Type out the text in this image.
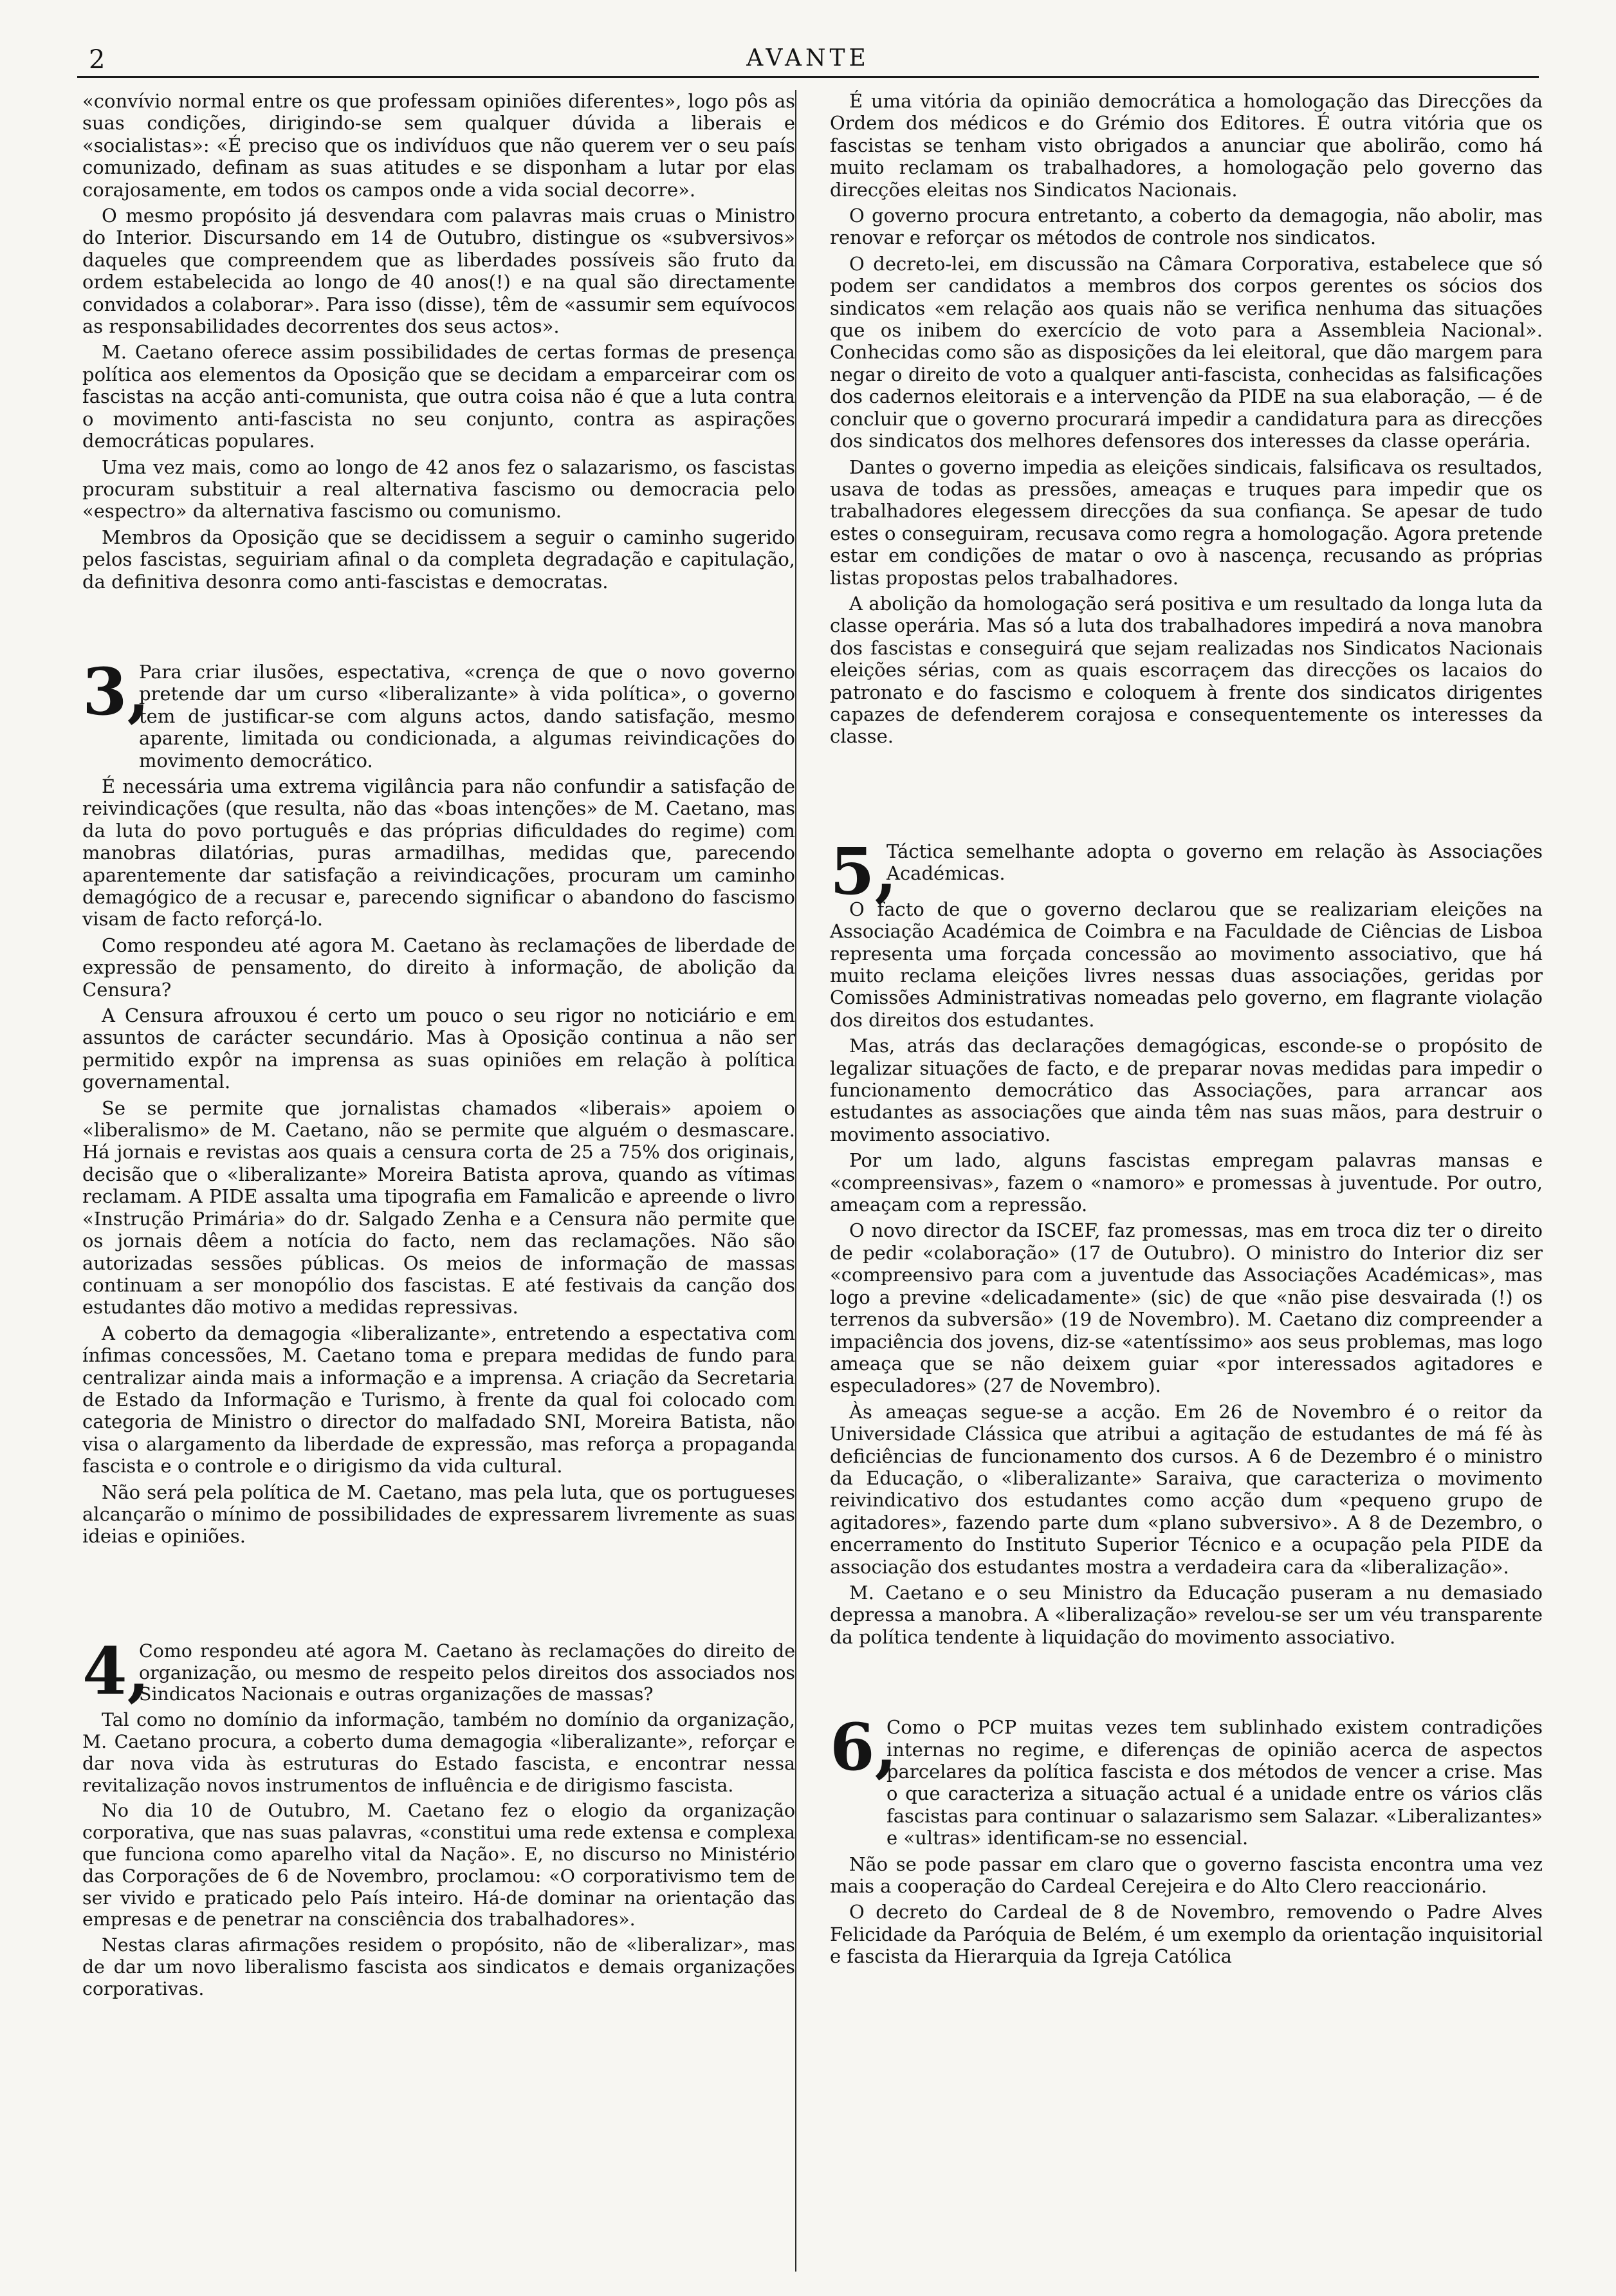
2	AVANTE

«convívio normal entre os que professam opiniões diferentes», logo pôs as suas condições, dirigindo-se sem qualquer dúvida a liberais e «socialistas»: «É preciso que os indivíduos que não querem ver o seu país comunizado, definam as suas atitudes e se disponham a lutar por elas corajosamente, em todos os campos onde a vida social decorre».

O mesmo propósito já desvendara com palavras mais cruas o Ministro do Interior. Discursando em 14 de Outubro, distingue os «subversivos» daqueles que compreendem que as liberdades possíveis são fruto da ordem estabelecida ao longo de 40 anos(!) e na qual são directamente convidados a colaborar». Para isso (disse), têm de «assumir sem equívocos as responsabilidades decorrentes dos seus actos».

M. Caetano oferece assim possibilidades de certas formas de presença política aos elementos da Oposição que se decidam a emparceirar com os fascistas na acção anti-comunista, que outra coisa não é que a luta contra o movimento anti-fascista no seu conjunto, contra as aspirações democráticas populares.

Uma vez mais, como ao longo de 42 anos fez o salazarismo, os fascistas procuram substituir a real alternativa fascismo ou democracia pelo «espectro» da alternativa fascismo ou comunismo.

Membros da Oposição que se decidissem a seguir o caminho sugerido pelos fascistas, seguiriam afinal o da completa degradação e capitulação, da definitiva desonra como anti-fascistas e democratas.

3,

Para criar ilusões, espectativa, «crença de que o novo governo pretende dar um curso «liberalizante» à vida política», o governo tem de justificar-se com alguns actos, dando satisfação, mesmo aparente, limitada ou condicionada, a algumas reivindicações do movimento democrático.

É necessária uma extrema vigilância para não confundir a satisfação de reivindicações (que resulta, não das «boas intenções» de M. Caetano, mas da luta do povo português e das próprias dificuldades do regime) com manobras dilatórias, puras armadilhas, medidas que, parecendo aparentemente dar satisfação a reivindicações, procuram um caminho demagógico de a recusar e, parecendo significar o abandono do fascismo visam de facto reforçá-lo.

Como respondeu até agora M. Caetano às reclamações de liberdade de expressão de pensamento, do direito à informação, de abolição da Censura?

A Censura afrouxou é certo um pouco o seu rigor no noticiário e em assuntos de carácter secundário. Mas à Oposição continua a não ser permitido expôr na imprensa as suas opiniões em relação à política governamental.

Se se permite que jornalistas chamados «liberais» apoiem o «liberalismo» de M. Caetano, não se permite que alguém o desmascare. Há jornais e revistas aos quais a censura corta de 25 a 75% dos originais, decisão que o «liberalizante» Moreira Batista aprova, quando as vítimas reclamam. A PIDE assalta uma tipografia em Famalicão e apreende o livro «Instrução Primária» do dr. Salgado Zenha e a Censura não permite que os jornais dêem a notícia do facto, nem das reclamações. Não são autorizadas sessões públicas. Os meios de informação de massas continuam a ser monopólio dos fascistas. E até festivais da canção dos estudantes dão motivo a medidas repressivas.

A coberto da demagogia «liberalizante», entretendo a espectativa com ínfimas concessões, M. Caetano toma e prepara medidas de fundo para centralizar ainda mais a informação e a imprensa. A criação da Secretaria de Estado da Informação e Turismo, à frente da qual foi colocado com categoria de Ministro o director do malfadado SNI, Moreira Batista, não visa o alargamento da liberdade de expressão, mas reforça a propaganda fascista e o controle e o dirigismo da vida cultural.

Não será pela política de M. Caetano, mas pela luta, que os portugueses alcançarão o mínimo de possibilidades de expressarem livremente as suas ideias e opiniões.

4,

Como respondeu até agora M. Caetano às reclamações do direito de organização, ou mesmo de respeito pelos direitos dos associados nos Sindicatos Nacionais e outras organizações de massas?

Tal como no domínio da informação, também no domínio da organização, M. Caetano procura, a coberto duma demagogia «liberalizante», reforçar e dar nova vida às estruturas do Estado fascista, e encontrar nessa revitalização novos instrumentos de influência e de dirigismo fascista.

No dia 10 de Outubro, M. Caetano fez o elogio da organização corporativa, que nas suas palavras, «constitui uma rede extensa e complexa que funciona como aparelho vital da Nação». E, no discurso no Ministério das Corporações de 6 de Novembro, proclamou: «O corporativismo tem de ser vivido e praticado pelo País inteiro. Há-de dominar na orientação das empresas e de penetrar na consciência dos trabalhadores».

Nestas claras afirmações residem o propósito, não de «liberalizar», mas de dar um novo liberalismo fascista aos sindicatos e demais organizações corporativas.

É uma vitória da opinião democrática a homologação das Direcções da Ordem dos médicos e do Grémio dos Editores. É outra vitória que os fascistas se tenham visto obrigados a anunciar que abolirão, como há muito reclamam os trabalhadores, a homologação pelo governo das direcções eleitas nos Sindicatos Nacionais.

O governo procura entretanto, a coberto da demagogia, não abolir, mas renovar e reforçar os métodos de controle nos sindicatos.

O decreto-lei, em discussão na Câmara Corporativa, estabelece que só podem ser candidatos a membros dos corpos gerentes os sócios dos sindicatos «em relação aos quais não se verifica nenhuma das situações que os inibem do exercício de voto para a Assembleia Nacional». Conhecidas como são as disposições da lei eleitoral, que dão margem para negar o direito de voto a qualquer anti-fascista, conhecidas as falsificações dos cadernos eleitorais e a intervenção da PIDE na sua elaboração, — é de concluir que o governo procurará impedir a candidatura para as direcções dos sindicatos dos melhores defensores dos interesses da classe operária.

Dantes o governo impedia as eleições sindicais, falsificava os resultados, usava de todas as pressões, ameaças e truques para impedir que os trabalhadores elegessem direcções da sua confiança. Se apesar de tudo estes o conseguiram, recusava como regra a homologação. Agora pretende estar em condições de matar o ovo à nascença, recusando as próprias listas propostas pelos trabalhadores.

A abolição da homologação será positiva e um resultado da longa luta da classe operária. Mas só a luta dos trabalhadores impedirá a nova manobra dos fascistas e conseguirá que sejam realizadas nos Sindicatos Nacionais eleições sérias, com as quais escorraçem das direcções os lacaios do patronato e do fascismo e coloquem à frente dos sindicatos dirigentes capazes de defenderem corajosa e consequentemente os interesses da classe.

5,

Táctica semelhante adopta o governo em relação às Associações Académicas.

O facto de que o governo declarou que se realizariam eleições na Associação Académica de Coimbra e na Faculdade de Ciências de Lisboa representa uma forçada concessão ao movimento associativo, que há muito reclama eleições livres nessas duas associações, geridas por Comissões Administrativas nomeadas pelo governo, em flagrante violação dos direitos dos estudantes.

Mas, atrás das declarações demagógicas, esconde-se o propósito de legalizar situações de facto, e de preparar novas medidas para impedir o funcionamento democrático das Associações, para arrancar aos estudantes as associações que ainda têm nas suas mãos, para destruir o movimento associativo.

Por um lado, alguns fascistas empregam palavras mansas e «compreensivas», fazem o «namoro» e promessas à juventude. Por outro, ameaçam com a repressão.

O novo director da ISCEF, faz promessas, mas em troca diz ter o direito de pedir «colaboração» (17 de Outubro). O ministro do Interior diz ser «compreensivo para com a juventude das Associações Académicas», mas logo a previne «delicadamente» (sic) de que «não pise desvairada (!) os terrenos da subversão» (19 de Novembro). M. Caetano diz compreender a impaciência dos jovens, diz-se «atentíssimo» aos seus problemas, mas logo ameaça que se não deixem guiar «por interessados agitadores e especuladores» (27 de Novembro).

Às ameaças segue-se a acção. Em 26 de Novembro é o reitor da Universidade Clássica que atribui a agitação de estudantes de má fé às deficiências de funcionamento dos cursos. A 6 de Dezembro é o ministro da Educação, o «liberalizante» Saraiva, que caracteriza o movimento reivindicativo dos estudantes como acção dum «pequeno grupo de agitadores», fazendo parte dum «plano subversivo». A 8 de Dezembro, o encerramento do Instituto Superior Técnico e a ocupação pela PIDE da associação dos estudantes mostra a verdadeira cara da «liberalização».

M. Caetano e o seu Ministro da Educação puseram a nu demasiado depressa a manobra. A «liberalização» revelou-se ser um véu transparente da política tendente à liquidação do movimento associativo.

6,

Como o PCP muitas vezes tem sublinhado existem contradições internas no regime, e diferenças de opinião acerca de aspectos parcelares da política fascista e dos métodos de vencer a crise. Mas o que caracteriza a situação actual é a unidade entre os vários clãs fascistas para continuar o salazarismo sem Salazar. «Liberalizantes» e «ultras» identificam-se no essencial.

Não se pode passar em claro que o governo fascista encontra uma vez mais a cooperação do Cardeal Cerejeira e do Alto Clero reaccionário.

O decreto do Cardeal de 8 de Novembro, removendo o Padre Alves Felicidade da Paróquia de Belém, é um exemplo da orientação inquisitorial e fascista da Hierarquia da Igreja Católica
